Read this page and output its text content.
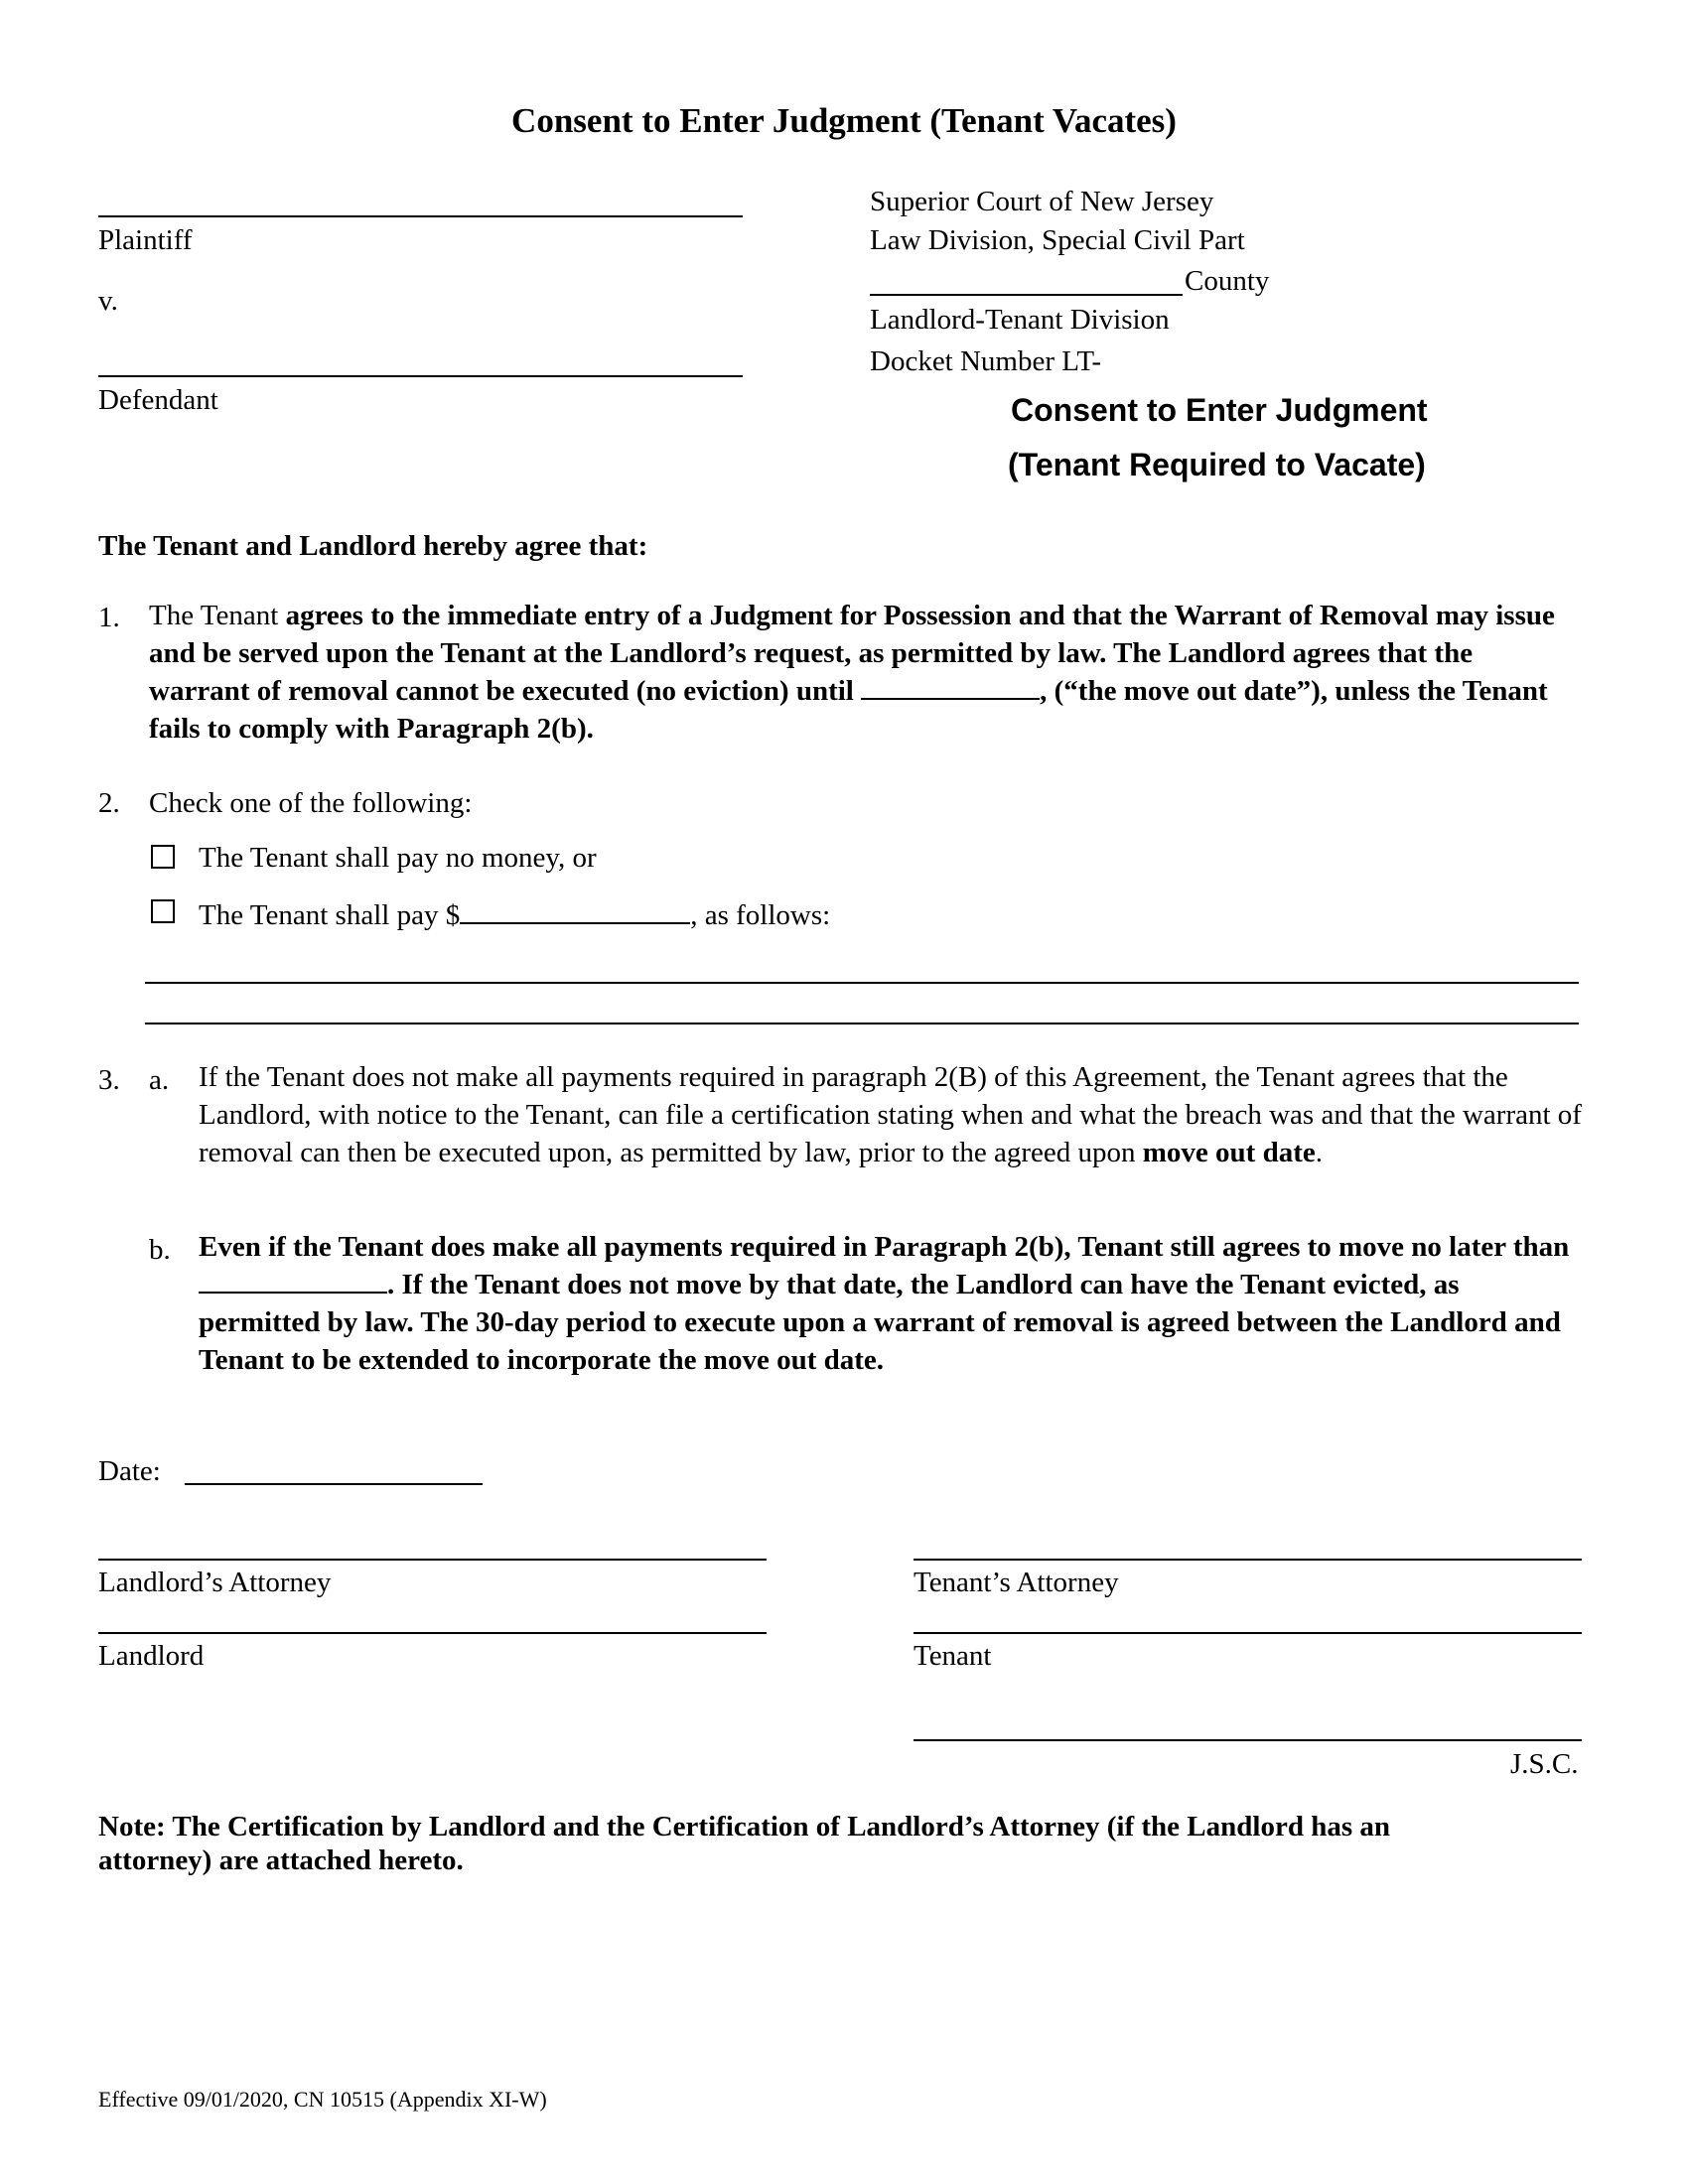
Consent to Enter Judgment (Tenant Vacates)
Plaintiff
v.
Defendant
Superior Court of New Jersey
Law Division, Special Civil Part
County
Landlord-Tenant Division
Docket Number LT-
Consent to Enter Judgment
(Tenant Required to Vacate)
The Tenant and Landlord hereby agree that:
1. The Tenant agrees to the immediate entry of a Judgment for Possession and that the Warrant of Removal may issue and be served upon the Tenant at the Landlord’s request, as permitted by law. The Landlord agrees that the warrant of removal cannot be executed (no eviction) until	, (“the move out date”), unless the Tenant fails to comply with Paragraph 2(b).
2. Check one of the following:
The Tenant shall pay no money, or
The Tenant shall pay $	, as follows:
3. a. If the Tenant does not make all payments required in paragraph 2(B) of this Agreement, the Tenant agrees that the Landlord, with notice to the Tenant, can file a certification stating when and what the breach was and that the warrant of removal can then be executed upon, as permitted by law, prior to the agreed upon move out date.
b. Even if the Tenant does make all payments required in Paragraph 2(b), Tenant still agrees to move no later than . If the Tenant does not move by that date, the Landlord can have the Tenant evicted, as permitted by law. The 30-day period to execute upon a warrant of removal is agreed between the Landlord and Tenant to be extended to incorporate the move out date.
Date:
Landlord’s Attorney	Tenant’s Attorney
Landlord	Tenant
J.S.C.
Note: The Certification by Landlord and the Certification of Landlord’s Attorney (if the Landlord has an attorney) are attached hereto.
Effective 09/01/2020, CN 10515 (Appendix XI-W)
